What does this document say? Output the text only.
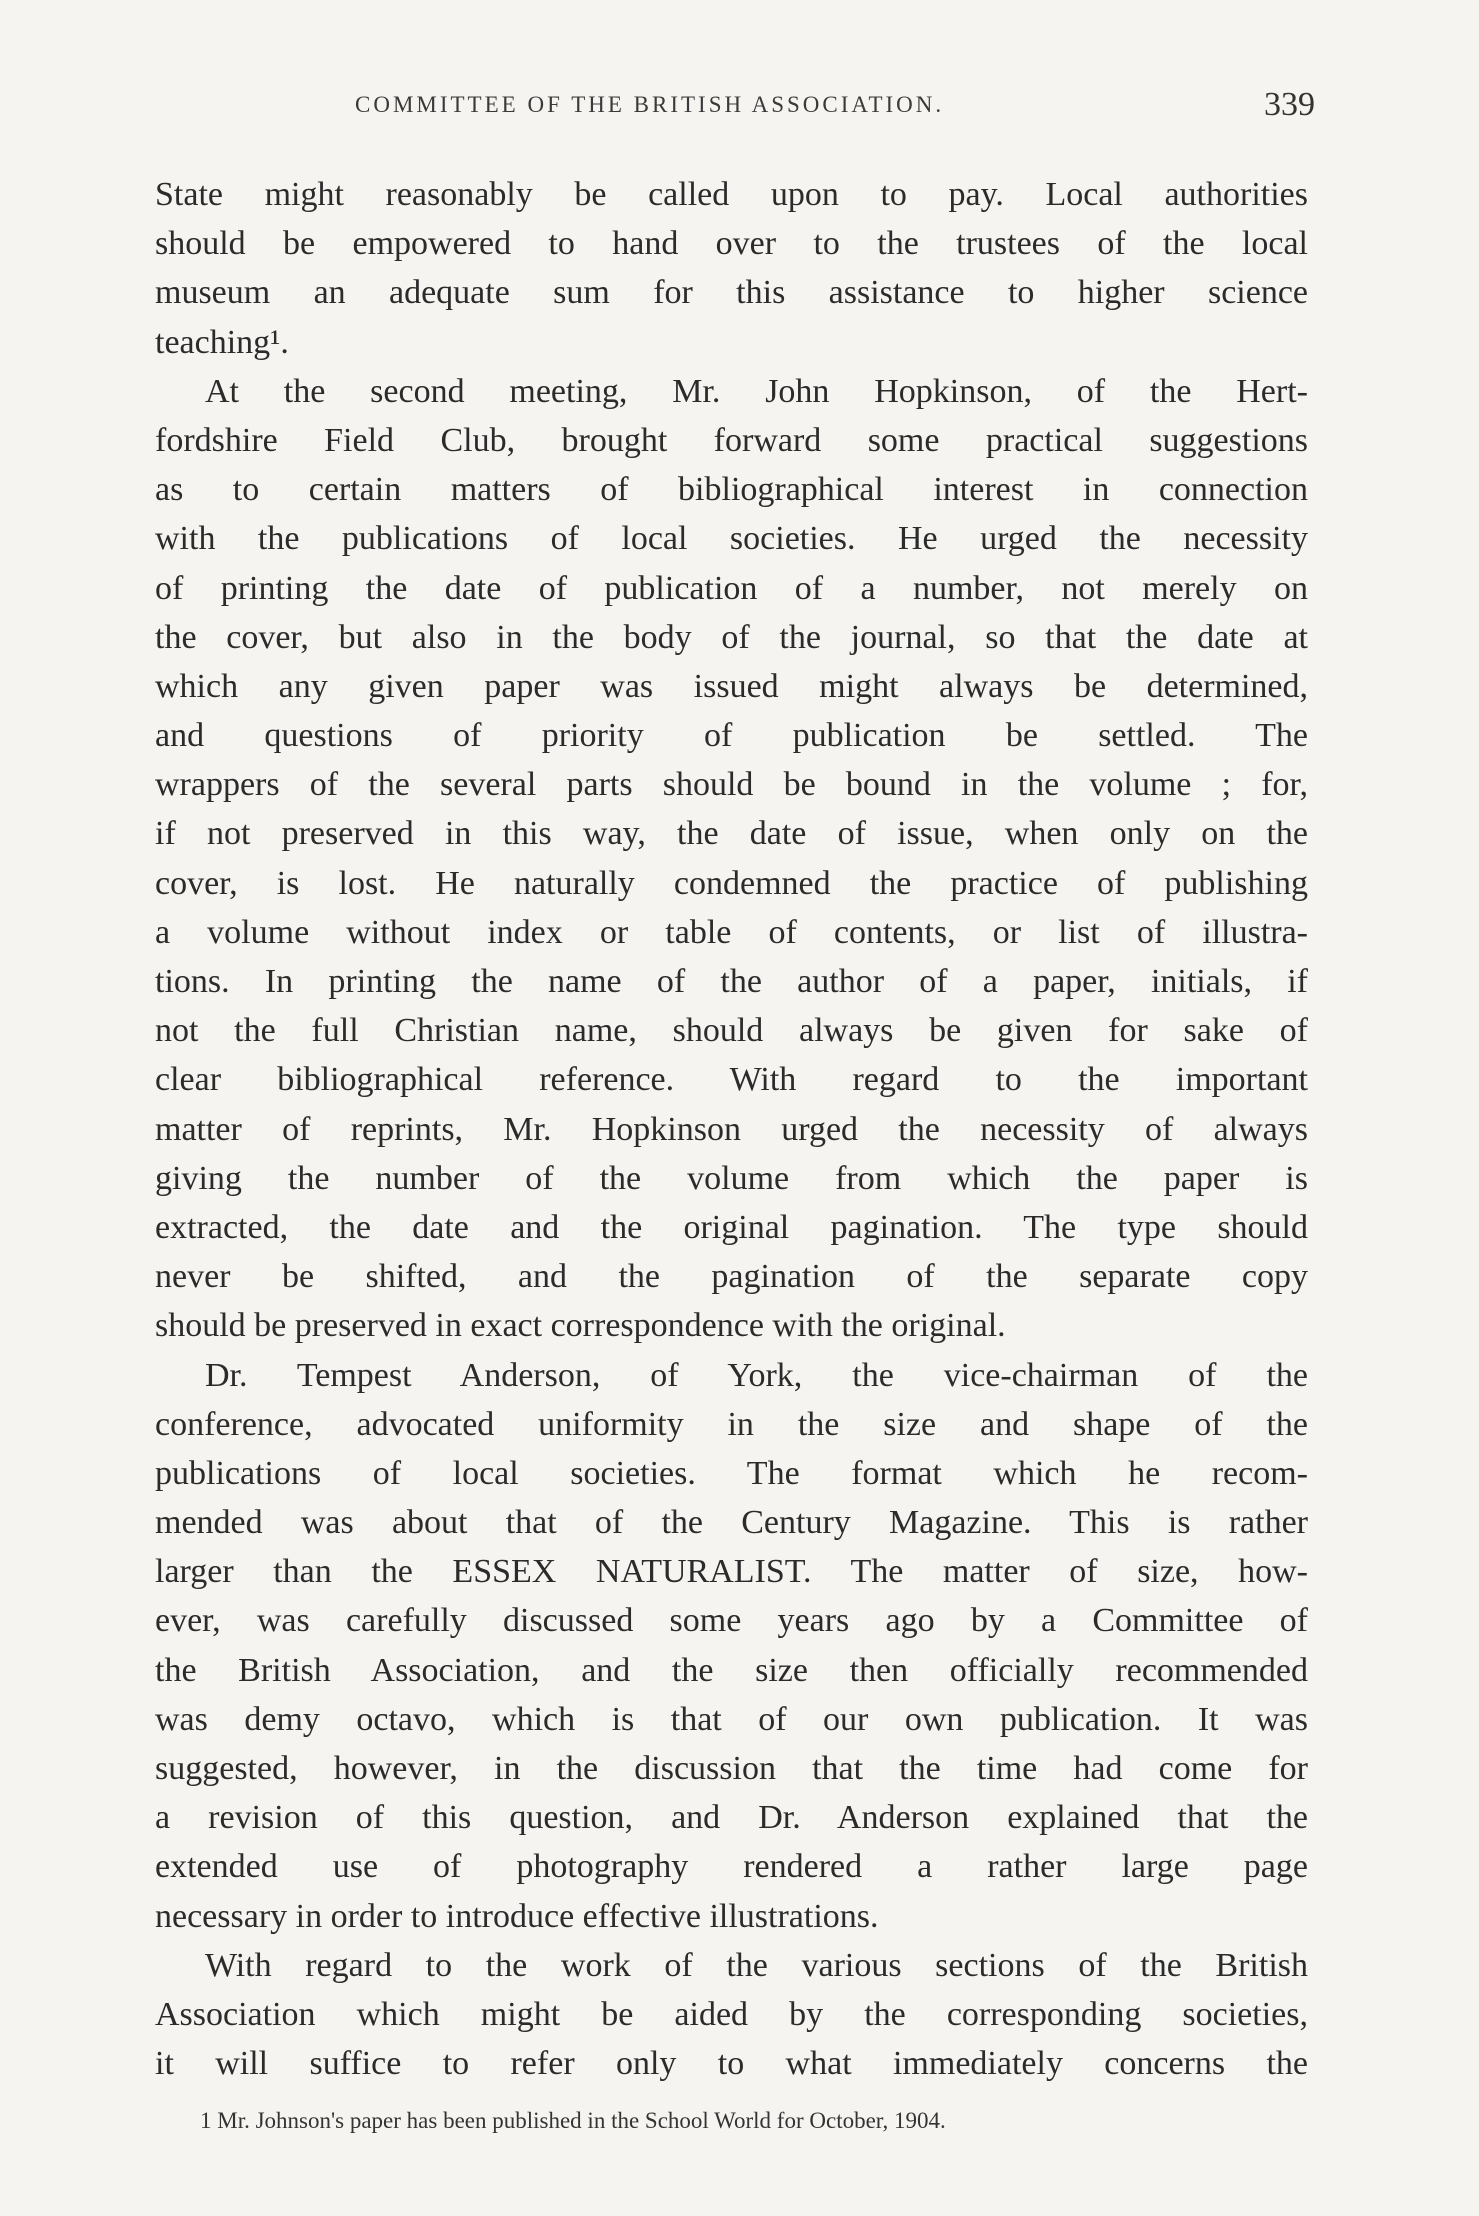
COMMITTEE OF THE BRITISH ASSOCIATION.	339
State might reasonably be called upon to pay. Local authorities
should be empowered to hand over to the trustees of the local
museum an adequate sum for this assistance to higher science
teaching¹.
At the second meeting, Mr. John Hopkinson, of the Hert-
fordshire Field Club, brought forward some practical suggestions
as to certain matters of bibliographical interest in connection
with the publications of local societies. He urged the necessity
of printing the date of publication of a number, not merely on
the cover, but also in the body of the journal, so that the date at
which any given paper was issued might always be determined,
and questions of priority of publication be settled. The
wrappers of the several parts should be bound in the volume ; for,
if not preserved in this way, the date of issue, when only on the
cover, is lost. He naturally condemned the practice of publishing
a volume without index or table of contents, or list of illustra-
tions. In printing the name of the author of a paper, initials, if
not the full Christian name, should always be given for sake of
clear bibliographical reference. With regard to the important
matter of reprints, Mr. Hopkinson urged the necessity of always
giving the number of the volume from which the paper is
extracted, the date and the original pagination. The type should
never be shifted, and the pagination of the separate copy
should be preserved in exact correspondence with the original.
Dr. Tempest Anderson, of York, the vice-chairman of the
conference, advocated uniformity in the size and shape of the
publications of local societies. The format which he recom-
mended was about that of the Century Magazine. This is rather
larger than the ESSEX NATURALIST. The matter of size, how-
ever, was carefully discussed some years ago by a Committee of
the British Association, and the size then officially recommended
was demy octavo, which is that of our own publication. It was
suggested, however, in the discussion that the time had come for
a revision of this question, and Dr. Anderson explained that the
extended use of photography rendered a rather large page
necessary in order to introduce effective illustrations.
With regard to the work of the various sections of the British
Association which might be aided by the corresponding societies,
it will suffice to refer only to what immediately concerns the
1 Mr. Johnson's paper has been published in the School World for October, 1904.
